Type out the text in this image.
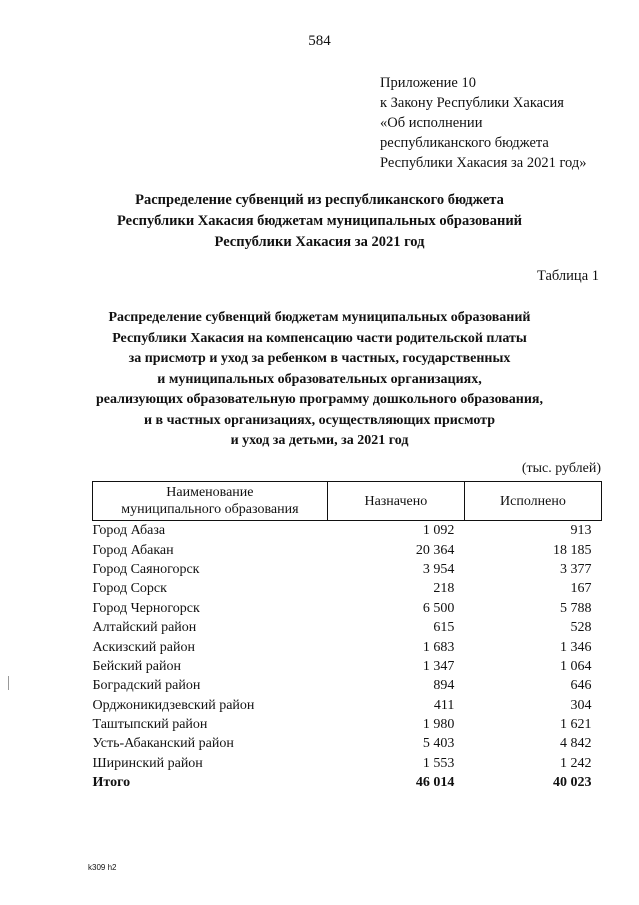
584
Приложение 10
к Закону Республики Хакасия
«Об исполнении
республиканского бюджета
Республики Хакасия за 2021 год»
Распределение субвенций из республиканского бюджета
Республики Хакасия бюджетам муниципальных образований
Республики Хакасия за 2021 год
Таблица 1
Распределение субвенций бюджетам муниципальных образований
Республики Хакасия на компенсацию части родительской платы
за присмотр и уход за ребенком в частных, государственных
и муниципальных образовательных организациях,
реализующих образовательную программу дошкольного образования,
и в частных организациях, осуществляющих присмотр
и уход за детьми, за 2021 год
(тыс. рублей)
Наименование
муниципального образования	Назначено	Исполнено
Город Абаза	1 092	913
Город Абакан	20 364	18 185
Город Саяногорск	3 954	3 377
Город Сорск	218	167
Город Черногорск	6 500	5 788
Алтайский район	615	528
Аскизский район	1 683	1 346
Бейский район	1 347	1 064
Боградский район	894	646
Орджоникидзевский район	411	304
Таштыпский район	1 980	1 621
Усть-Абаканский район	5 403	4 842
Ширинский район	1 553	1 242
Итого	46 014	40 023
k309 h2
